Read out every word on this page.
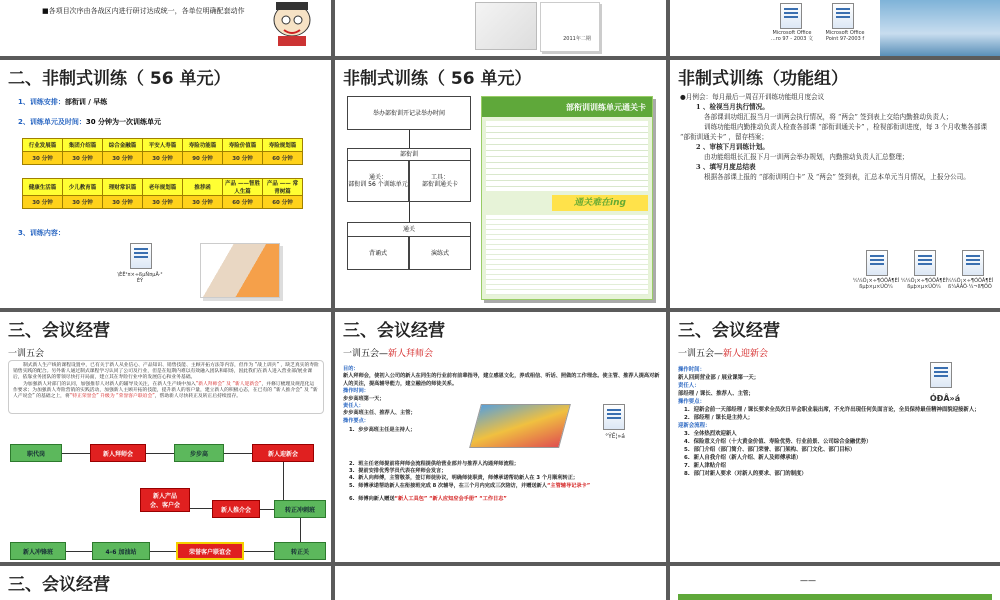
■各项目次序由各战区内进行研讨达成统一，各单位明确配套动作
2011年二期
Microsoft Office
...ro 97 - 2003 文
Microsoft Office
Point 97-2003 f
二、非制式训练（ 56 单元）
1、训练安排：部衔训 / 早练
2、训练单元及时间：30 分钟为一次训练单元
行业发展篇	集团介绍篇	综合金融篇	平安人寿篇	寿险功能篇	寿险价值篇	寿险规划篇
30 分钟	30 分钟	30 分钟	30 分钟	90 分钟	30 分钟	60 分钟
健康生活篇	少儿教育篇	理财常识篇	老年规划篇	推荐函	产品 ——智胜人生篇	产品 —— 常青树篇
30 分钟	30 分钟	30 分钟	30 分钟	30 分钟	60 分钟	60 分钟
3、训练内容：
\ÈÊ¹¤×÷ßµÑ¤µÂ·²
ÈÝ
非制式训练（ 56 单元）
举办部衔训开记录举办时间
部衔训
通关：
部衔训 56 个训练单元
工具：
部衔训通关卡
通关
背诵式	演练式
部衔训训练单元通关卡
通关难在ing
非制式训练（功能组）
●月例会：每月最后一周召开训练功能组月度会议
1 、检视当月执行情况。
各部课训功组汇报当月一训两会执行情况，将 “两会” 签到表上交给内勤推动负责人；
训练功能组内勤推动负责人检查各部课 “部衔训通关卡” ，检视部衔训进度，每 3 个月收集各部课 “部衔训通关卡” ，留存档案；
2 、审核下月训练计划。
由功能组组长汇报下月一训两会举办规划，内勤推动负责人汇总整理；
3 、填写月度总结表
根据各部课上报的 “部衔训明白卡” 及 “两会” 签到表，汇总本单元当月情况，上报分公司。
¼¼Õ¡×÷¶ÓÔÂ¶ÈÍ
ßµþ×µ×ÚÒ¼
¼¼Õ¡×÷¶ÓÔÂ¶ÈÍ
ßµþ×µ×ÚÒ¼
¼¼Õ¡×÷¶ÓÔÂ¶ÈÍ
ß¼ÁÂÔ·¼¬ß¶ÔÕ
三、会议经营
一训五会
制式新人生产线的课程设置中，已有关于新人从业信心、产品知识、销售技能、主顾开拓方法等内容，但作为 “战上训兵” ，缺乏真实的寿险销售实践的配合。另外新人通过制式课程学习认同了公司及行业，但是在短期内难以有效融入团队和职场，因此我们在新人进入营业部/展业课后，依靠业务团队的带领尽快打开局面，建立其在寿险行业中的发展信心和业务基础。
为加强新人对部门的认同，加强推荐人对新人的辅导及关注，在新人生产线中加入“新人拜师会” 及 “新人迎新会”，并修订梳理及规范化运作要求；为加强新人寿险营销的实践活动，加强新人主顾开拓的技能，提升新人的客户量，建立新人的积极心态，在已有的 “新人推介会” 及 “新人产说会” 的基础之上，将“特正荣誉会” 升级为 “荣誉客户联谊会”，帮助新人尽快转正及转正后持续留存。
职代岗	新人拜师会	步步高	新人迎新会
新人产品
会、客户会
新人推介会	转正冲刺班
新人冲锋班	4-6 加油站	荣誉客户联谊会	转正关
三、会议经营
一训五会—新人拜师会
目的：
新人拜师会，使初入公司的新人在同生的行业前有前辈指导，建立感恩文化，养成相信、听话、照做的工作理念。使主管、推荐人提高对新人的关注，提高辅导能力，建立融洽的师徒关系。
操作时间：
步步高班第一天；
责任人：
步步高班主任、推荐人、主管；
操作要点：
1.  步步高班主任是主持人；
2.  班主任老师提前将拜师会流程提供给营业部并与推荐人沟通拜师流程；
3.  提前安排优秀学员代表在拜师会发言；
4.  新人向师傅，主管敬茶，签订师徒协议，明确师徒职责，师傅承诺帮助新人在 3 个月顺利转正；
5.  师傅承诺帮助新人在衔接班完成 8 次辅导，在三个月内完成三次陪访，并赠送新人“主管辅导记录卡”
6.  师傅向新人赠送“新人工具包” “新人应知应会手册” “工作日志”
°ÝÊ¦»á
三、会议经营
一训五会—新人迎新会
ÓÐÂ»á
操作时间：
新人回到营业部 / 展业课第一天；
责任人：
部经理 / 课长、推荐人、主管；
操作要点：
1.  迎新会前一天部经理 / 课长要求全员次日早会职业装出席，不允许出现任何负面言论，全员保持最佳精神面貌迎接新人；
2.  部经理 / 课长是主持人；
迎新会流程：
3.  全体热烈欢迎新人
4.  保险意义介绍（十大黄金价值、寿险优势、行业前景、公司综合金融优势）
5.  部门介绍（部门简介、部门荣誉、部门架构、部门文化、部门目标）
6.  新人自我介绍（新人介绍、新人及师傅承诺）
7.  新人津贴介绍
8.  部门对新人要求（对新人的要求、部门的制度）
三、会议经营	——
